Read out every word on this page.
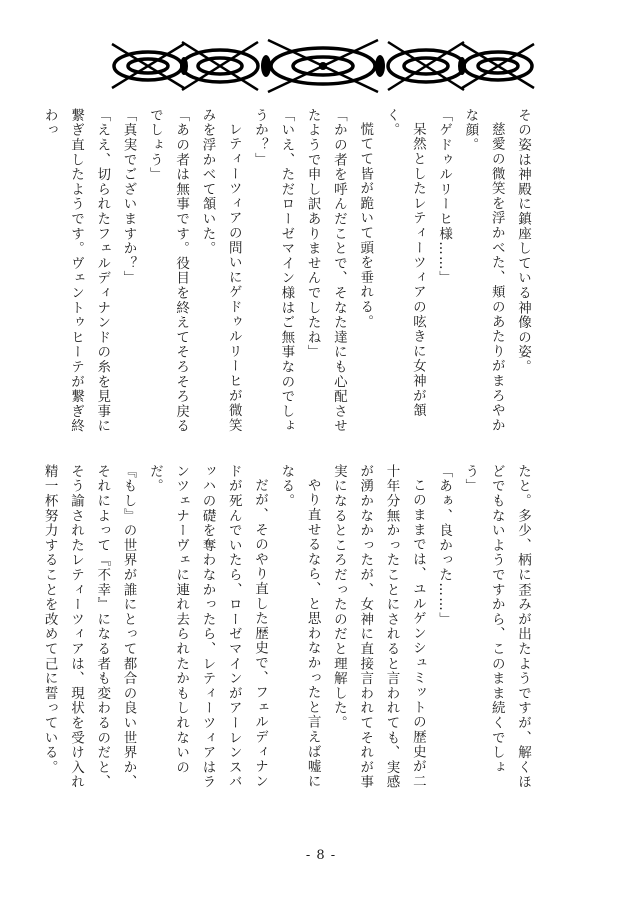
その姿は神殿に鎮座している神像の姿。

慈愛の微笑を浮かべた、頬のあたりがまろやかな顔。

「ゲドゥルリーヒ様……」

呆然としたレティーツィアの呟きに女神が頷く。

慌てて皆が跪いて頭を垂れる。

「かの者を呼んだことで、そなた達にも心配させたようで申し訳ありませんでしたね」

「いえ、ただローゼマイン様はご無事なのでしょうか？」

レティーツィアの問いにゲドゥルリーヒが微笑みを浮かべて頷いた。

「あの者は無事です。役目を終えてそろそろ戻るでしょう」

「真実でございますか？」

「ええ、切られたフェルディナンドの糸を見事に繋ぎ直したようです。ヴェントゥヒーテが繋ぎ終わっ

たと。多少、柄に歪みが出たようですが、解くほどでもないようですから、このまま続くでしょう」

「あぁ、良かった……」

このままでは、ユルゲンシュミットの歴史が二十年分無かったことにされると言われても、実感が湧かなかったが、女神に直接言われてそれが事実になるところだったのだと理解した。

やり直せるなら、と思わなかったと言えば嘘になる。

だが、そのやり直した歴史で、フェルディナンドが死んでいたら、ローゼマインがアーレンスバッハの礎を奪わなかったら、レティーツィアはランツェナーヴェに連れ去られたかもしれないのだ。

『もし』の世界が誰にとって都合の良い世界か、それによって『不幸』になる者も変わるのだと、そう諭されたレティーツィアは、現状を受け入れ精一杯努力することを改めて己に誓っている。

- 8 -
